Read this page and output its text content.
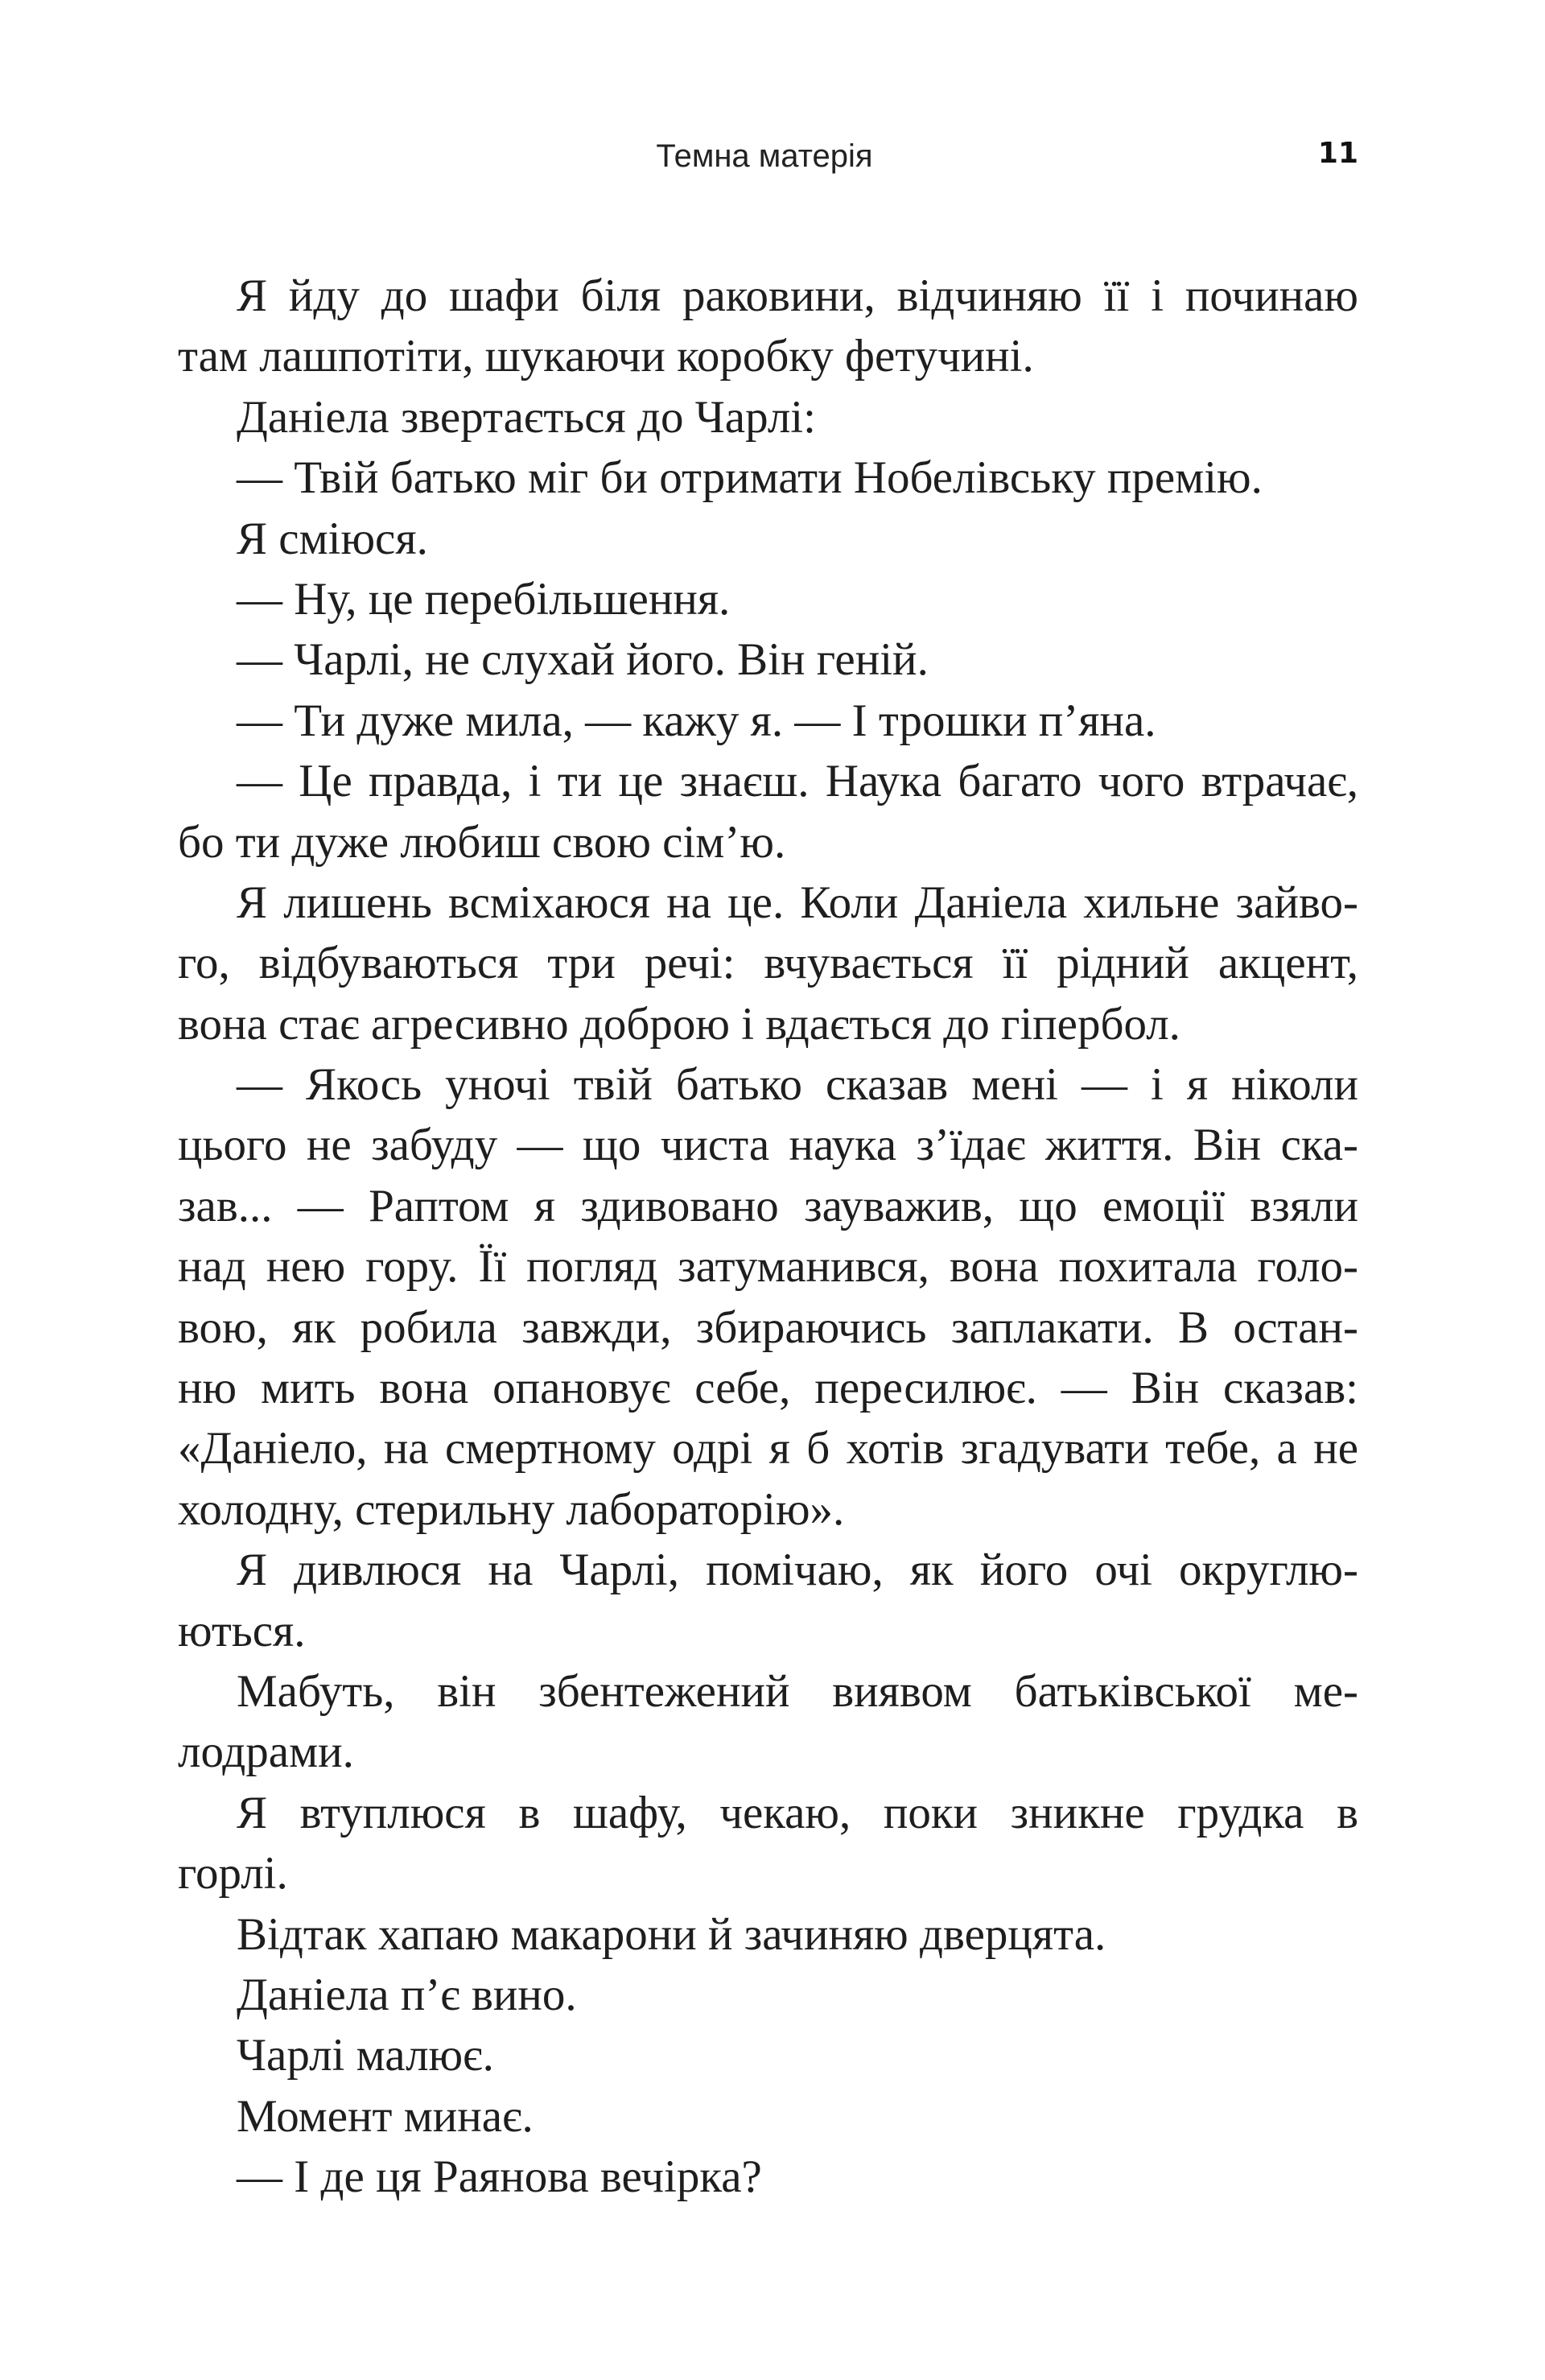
Темна матерія	11
Я йду до шафи біля раковини, відчиняю її і починаю
там лашпотіти, шукаючи коробку фетучині.
Даніела звертається до Чарлі:
— Твій батько міг би отримати Нобелівську премію.
Я сміюся.
— Ну, це перебільшення.
— Чарлі, не слухай його. Він геній.
— Ти дуже мила, — кажу я. — І трошки п’яна.
— Це правда, і ти це знаєш. Наука багато чого втрачає,
бо ти дуже любиш свою сім’ю.
Я лишень всміхаюся на це. Коли Даніела хильне зайво-
го, відбуваються три речі: вчувається її рідний акцент,
вона стає агресивно доброю і вдається до гіпербол.
— Якось уночі твій батько сказав мені — і я ніколи
цього не забуду — що чиста наука з’їдає життя. Він ска-
зав... — Раптом я здивовано зауважив, що емоції взяли
над нею гору. Її погляд затуманився, вона похитала голо-
вою, як робила завжди, збираючись заплакати. В остан-
ню мить вона опановує себе, пересилює. — Він сказав:
«Даніело, на смертному одрі я б хотів згадувати тебе, а не
холодну, стерильну лабораторію».
Я дивлюся на Чарлі, помічаю, як його очі округлю-
ються.
Мабуть, він збентежений виявом батьківської ме-
лодрами.
Я втуплюся в шафу, чекаю, поки зникне грудка в
горлі.
Відтак хапаю макарони й зачиняю дверцята.
Даніела п’є вино.
Чарлі малює.
Момент минає.
— І де ця Раянова вечірка?
